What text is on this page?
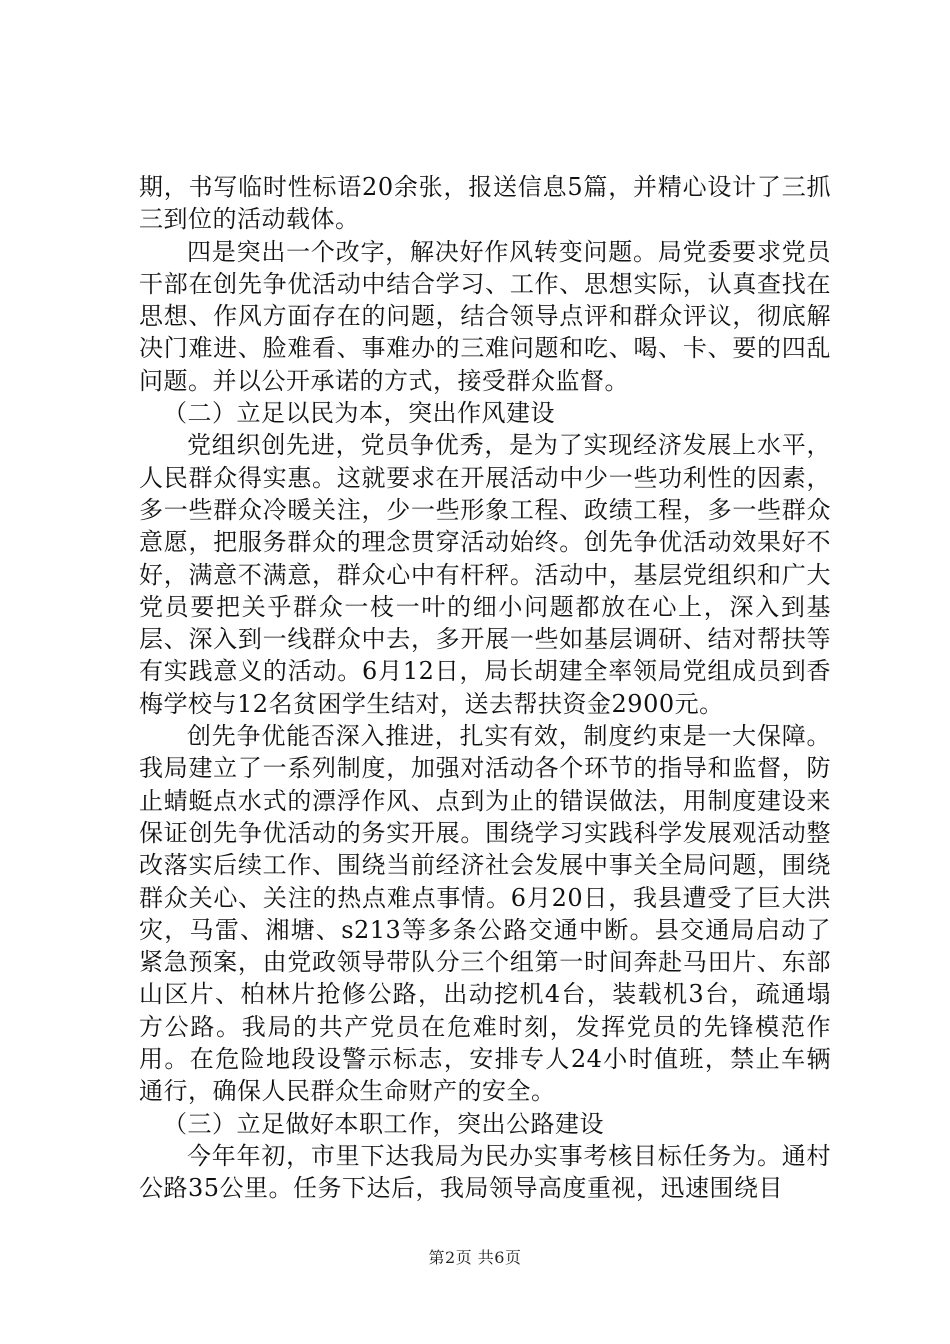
期，书写临时性标语20余张，报送信息5篇，并精心设计了三抓三到位的活动载体。

四是突出一个改字，解决好作风转变问题。局党委要求党员干部在创先争优活动中结合学习、工作、思想实际，认真查找在思想、作风方面存在的问题，结合领导点评和群众评议，彻底解决门难进、脸难看、事难办的三难问题和吃、喝、卡、要的四乱问题。并以公开承诺的方式，接受群众监督。

（二）立足以民为本，突出作风建设

党组织创先进，党员争优秀，是为了实现经济发展上水平，人民群众得实惠。这就要求在开展活动中少一些功利性的因素，多一些群众冷暖关注，少一些形象工程、政绩工程，多一些群众意愿，把服务群众的理念贯穿活动始终。创先争优活动效果好不好，满意不满意，群众心中有杆秤。活动中，基层党组织和广大党员要把关乎群众一枝一叶的细小问题都放在心上，深入到基层、深入到一线群众中去，多开展一些如基层调研、结对帮扶等有实践意义的活动。6月12日，局长胡建全率领局党组成员到香梅学校与12名贫困学生结对，送去帮扶资金2900元。

创先争优能否深入推进，扎实有效，制度约束是一大保障。我局建立了一系列制度，加强对活动各个环节的指导和监督，防止蜻蜓点水式的漂浮作风、点到为止的错误做法，用制度建设来保证创先争优活动的务实开展。围绕学习实践科学发展观活动整改落实后续工作、围绕当前经济社会发展中事关全局问题，围绕群众关心、关注的热点难点事情。6月20日，我县遭受了巨大洪灾，马雷、湘塘、s213等多条公路交通中断。县交通局启动了紧急预案，由党政领导带队分三个组第一时间奔赴马田片、东部山区片、柏林片抢修公路，出动挖机4台，装载机3台，疏通塌方公路。我局的共产党员在危难时刻，发挥党员的先锋模范作用。在危险地段设警示标志，安排专人24小时值班，禁止车辆通行，确保人民群众生命财产的安全。

（三）立足做好本职工作，突出公路建设

今年年初，市里下达我局为民办实事考核目标任务为。通村公路35公里。任务下达后，我局领导高度重视，迅速围绕目

第2页 共6页
